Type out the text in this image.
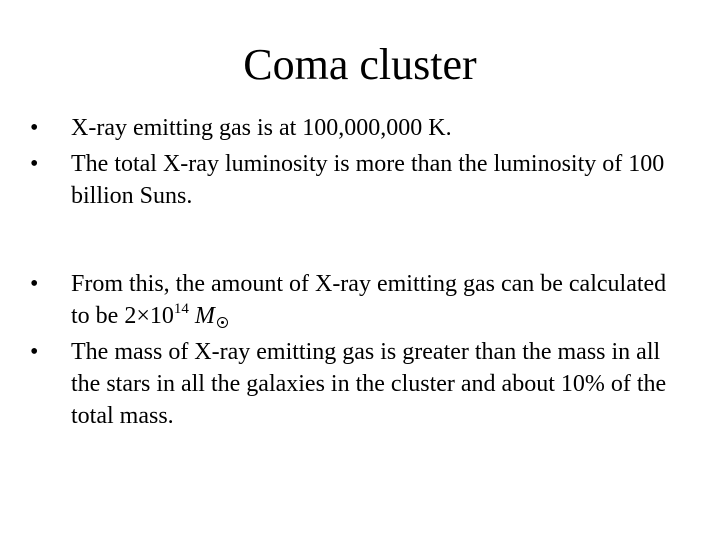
Coma cluster
•	X-ray emitting gas is at 100,000,000 K.
•	The total X-ray luminosity is more than the luminosity of 100 billion Suns.
•	From this, the amount of X-ray emitting gas can be calculated to be $2\times 10^{14}$ M
•	The mass of X-ray emitting gas is greater than the mass in all the stars in all the galaxies in the cluster and about 10% of the total mass.
